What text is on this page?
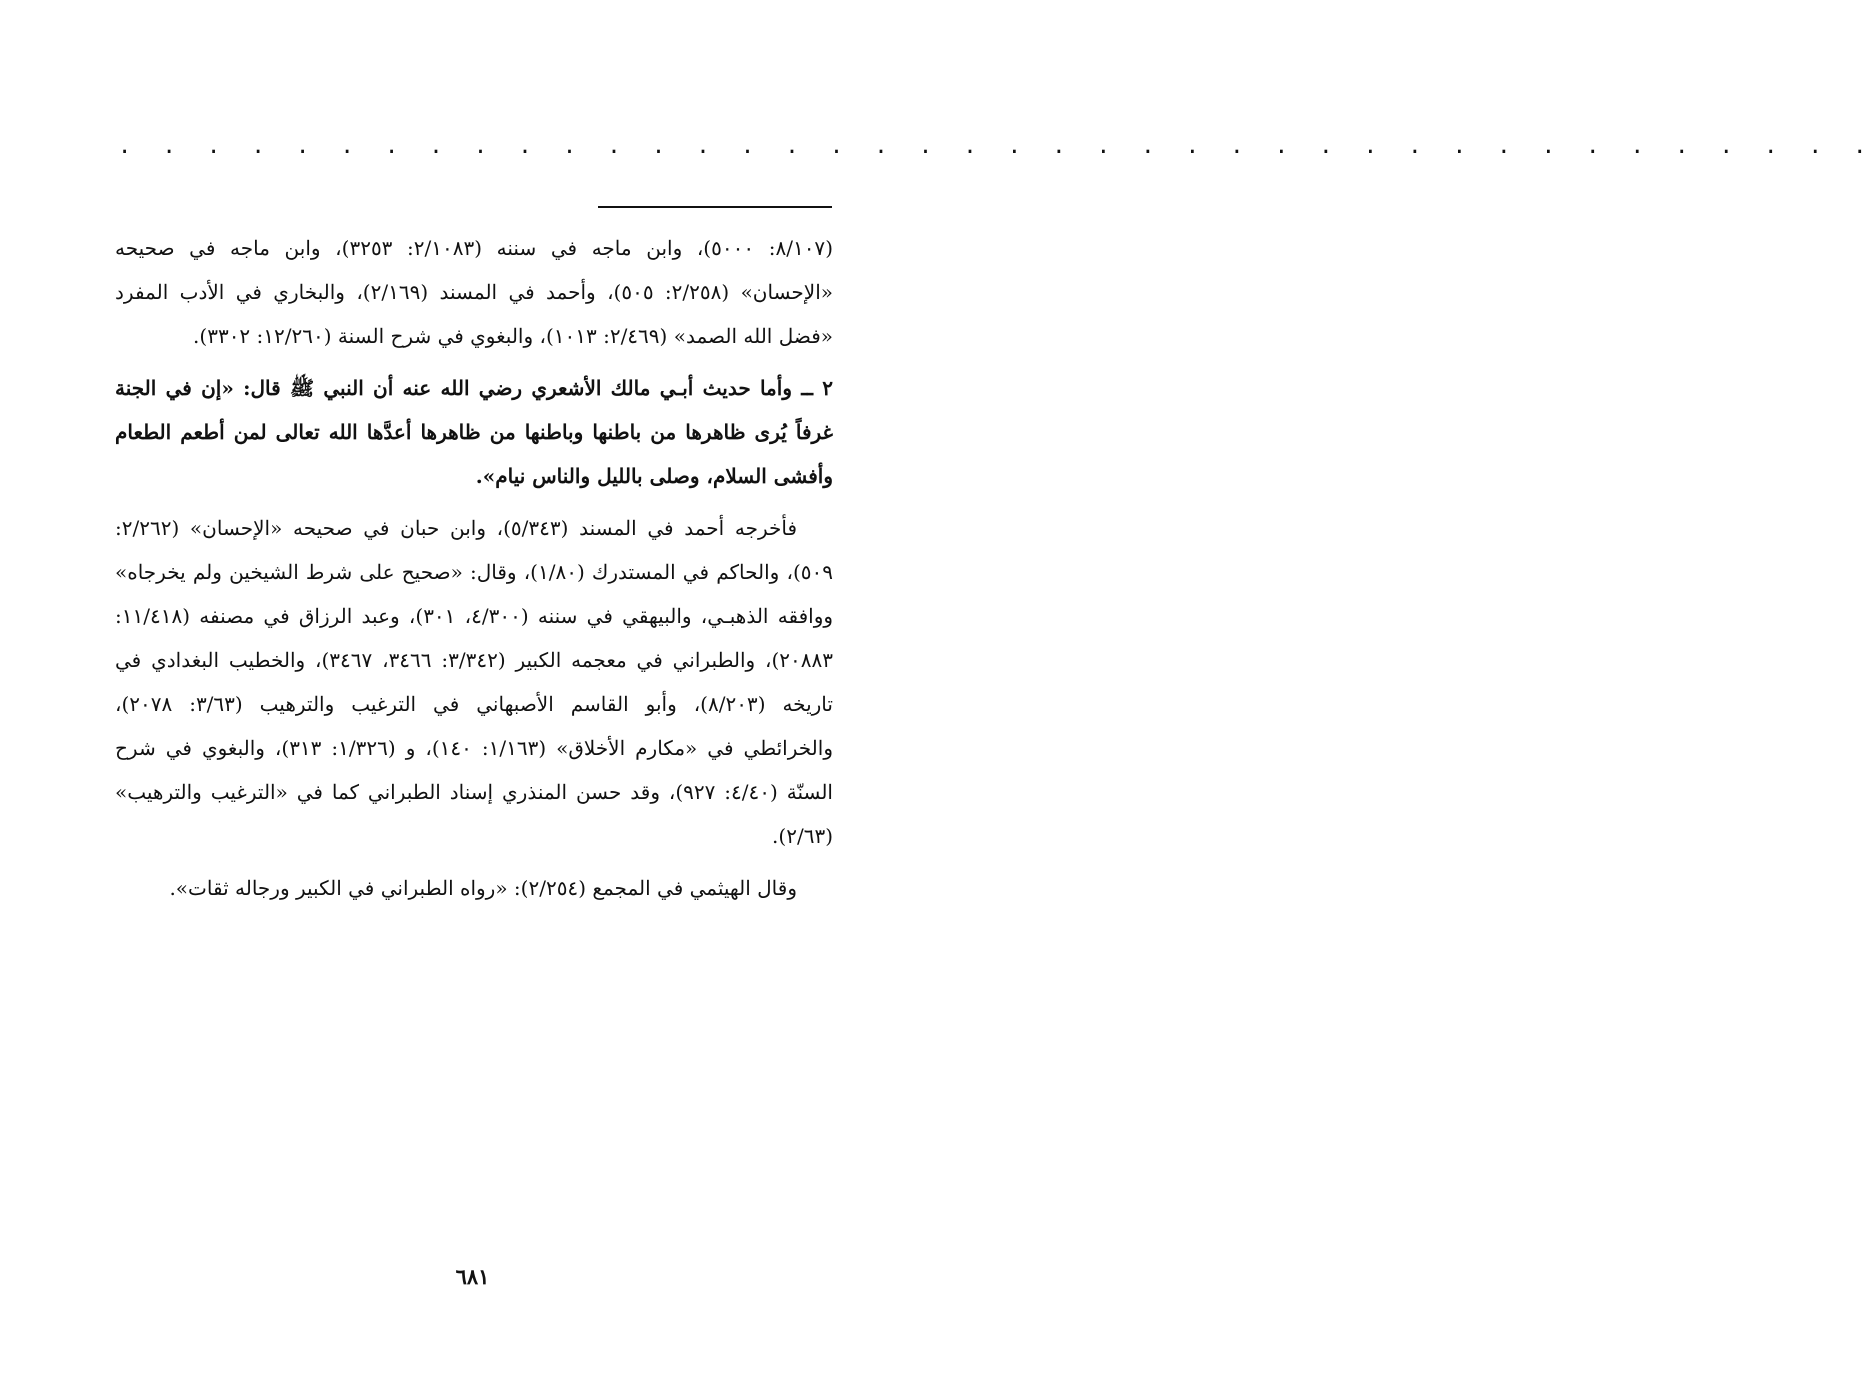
· · · · · · · · · · · · · · · · · · · · · · · · · · · · · · · · · · · · · · · ·

(٨/١٠٧: ٥٠٠٠)، وابن ماجه في سننه (٢/١٠٨٣: ٣٢٥٣)، وابن ماجه في صحيحه «الإحسان» (٢/٢٥٨: ٥٠٥)، وأحمد في المسند (٢/١٦٩)، والبخاري في الأدب المفرد «فضل الله الصمد» (٢/٤٦٩: ١٠١٣)، والبغوي في شرح السنة (١٢/٢٦٠: ٣٣٠٢).

٢ ــ وأما حديث أبـي مالك الأشعري رضي الله عنه أن النبي ﷺ قال: «إن في الجنة غرفاً يُرى ظاهرها من باطنها وباطنها من ظاهرها أعدَّها الله تعالى لمن أطعم الطعام وأفشى السلام، وصلى بالليل والناس نيام».

فأخرجه أحمد في المسند (٥/٣٤٣)، وابن حبان في صحيحه «الإحسان» (٢/٢٦٢: ٥٠٩)، والحاكم في المستدرك (١/٨٠)، وقال: «صحيح على شرط الشيخين ولم يخرجاه» ووافقه الذهبـي، والبيهقي في سننه (٤/٣٠٠، ٣٠١)، وعبد الرزاق في مصنفه (١١/٤١٨: ٢٠٨٨٣)، والطبراني في معجمه الكبير (٣/٣٤٢: ٣٤٦٦، ٣٤٦٧)، والخطيب البغدادي في تاريخه (٨/٢٠٣)، وأبو القاسم الأصبهاني في الترغيب والترهيب (٣/٦٣: ٢٠٧٨)، والخرائطي في «مكارم الأخلاق» (١/١٦٣: ١٤٠)، و (١/٣٢٦: ٣١٣)، والبغوي في شرح السنّة (٤/٤٠: ٩٢٧)، وقد حسن المنذري إسناد الطبراني كما في «الترغيب والترهيب» (٢/٦٣).

وقال الهيثمي في المجمع (٢/٢٥٤): «رواه الطبراني في الكبير ورجاله ثقات».

٦٨١
